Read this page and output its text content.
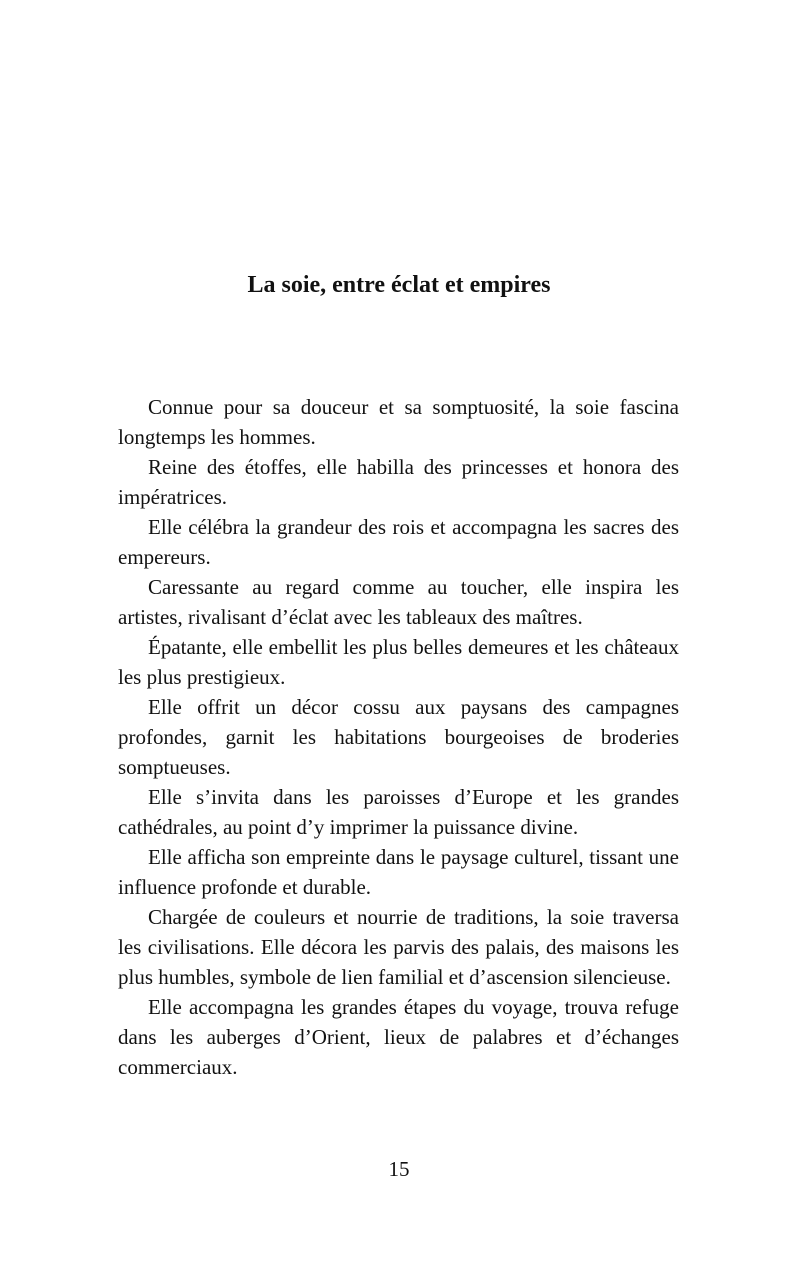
La soie, entre éclat et empires

Connue pour sa douceur et sa somptuosité, la soie fascina longtemps les hommes.

Reine des étoffes, elle habilla des princesses et honora des impératrices.

Elle célébra la grandeur des rois et accompagna les sacres des empereurs.

Caressante au regard comme au toucher, elle inspira les artistes, rivalisant d’éclat avec les tableaux des maîtres.

Épatante, elle embellit les plus belles demeures et les châteaux les plus prestigieux.

Elle offrit un décor cossu aux paysans des campagnes profondes, garnit les habitations bourgeoises de broderies somptueuses.

Elle s’invita dans les paroisses d’Europe et les grandes cathédrales, au point d’y imprimer la puissance divine.

Elle afficha son empreinte dans le paysage culturel, tissant une influence profonde et durable.

Chargée de couleurs et nourrie de traditions, la soie traversa les civilisations. Elle décora les parvis des palais, des maisons les plus humbles, symbole de lien familial et d’ascension silencieuse.

Elle accompagna les grandes étapes du voyage, trouva refuge dans les auberges d’Orient, lieux de palabres et d’échanges commerciaux.

15
